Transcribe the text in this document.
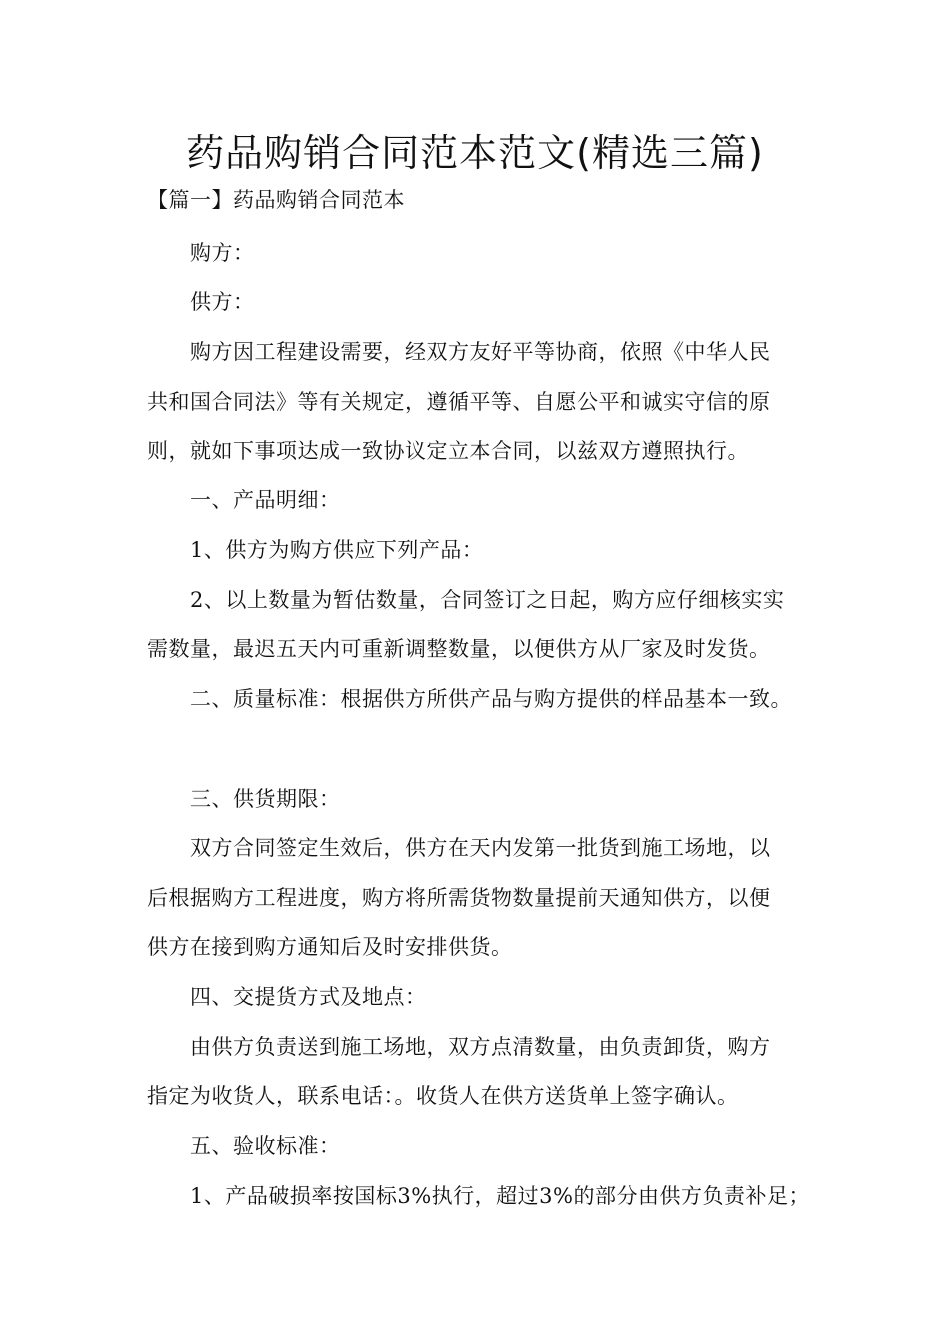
药品购销合同范本范文(精选三篇)
【篇一】药品购销合同范本
购方：
供方：
购方因工程建设需要，经双方友好平等协商，依照《中华人民
共和国合同法》等有关规定，遵循平等、自愿公平和诚实守信的原
则，就如下事项达成一致协议定立本合同，以兹双方遵照执行。
一、产品明细：
1、供方为购方供应下列产品：
2、以上数量为暂估数量，合同签订之日起，购方应仔细核实实
需数量，最迟五天内可重新调整数量，以便供方从厂家及时发货。
二、质量标准：根据供方所供产品与购方提供的样品基本一致。
三、供货期限：
双方合同签定生效后，供方在天内发第一批货到施工场地，以
后根据购方工程进度，购方将所需货物数量提前天通知供方，以便
供方在接到购方通知后及时安排供货。
四、交提货方式及地点：
由供方负责送到施工场地，双方点清数量，由负责卸货，购方
指定为收货人，联系电话：。收货人在供方送货单上签字确认。
五、验收标准：
1、产品破损率按国标3%执行，超过3%的部分由供方负责补足；
